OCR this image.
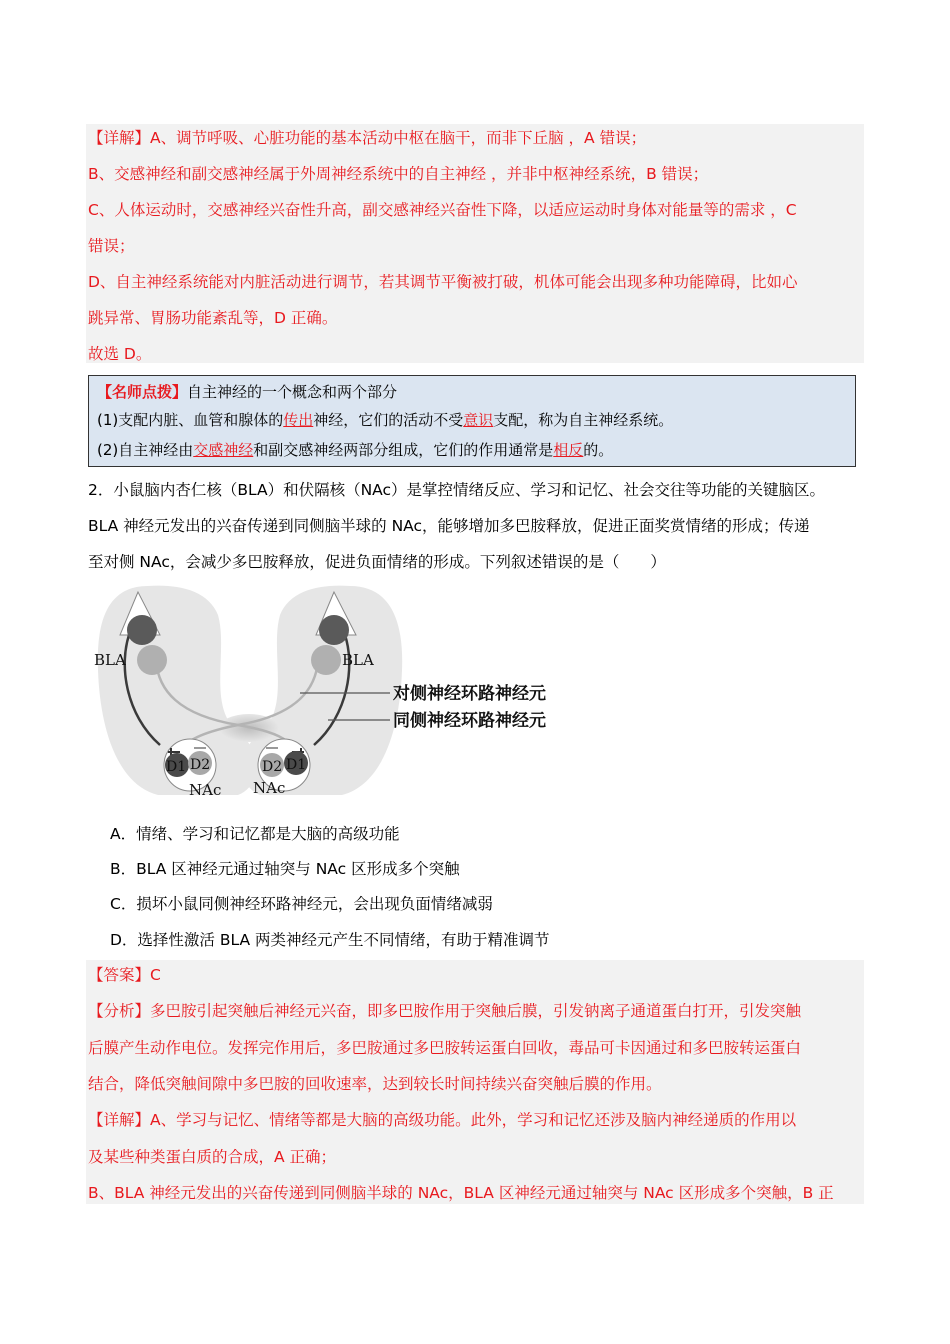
【详解】A、调节呼吸、心脏功能的基本活动中枢在脑干，而非下丘脑 ，A 错误；
B、交感神经和副交感神经属于外周神经系统中的自主神经 ，并非中枢神经系统，B 错误；
C、人体运动时，交感神经兴奋性升高，副交感神经兴奋性下降，以适应运动时身体对能量等的需求 ，C
错误；
D、自主神经系统能对内脏活动进行调节，若其调节平衡被打破，机体可能会出现多种功能障碍，比如心
跳异常、胃肠功能紊乱等，D 正确。
故选 D。
【名师点拨】自主神经的一个概念和两个部分
(1)支配内脏、血管和腺体的传出神经，它们的活动不受意识支配，称为自主神经系统。
(2)自主神经由交感神经和副交感神经两部分组成，它们的作用通常是相反的。
2．小鼠脑内杏仁核（BLA）和伏隔核（NAc）是掌控情绪反应、学习和记忆、社会交往等功能的关键脑区。
BLA 神经元发出的兴奋传递到同侧脑半球的 NAc，能够增加多巴胺释放，促进正面奖赏情绪的形成；传递
至对侧 NAc，会减少多巴胺释放，促进负面情绪的形成。下列叙述错误的是（　　）
D1 D2	D2 D1
BLA	BLA
NAc NAc
对侧神经环路神经元
同侧神经环路神经元
A．情绪、学习和记忆都是大脑的高级功能
B．BLA 区神经元通过轴突与 NAc 区形成多个突触
C．损坏小鼠同侧神经环路神经元，会出现负面情绪减弱
D．选择性激活 BLA 两类神经元产生不同情绪，有助于精准调节
【答案】C
【分析】多巴胺引起突触后神经元兴奋，即多巴胺作用于突触后膜，引发钠离子通道蛋白打开，引发突触
后膜产生动作电位。发挥完作用后，多巴胺通过多巴胺转运蛋白回收，毒品可卡因通过和多巴胺转运蛋白
结合，降低突触间隙中多巴胺的回收速率，达到较长时间持续兴奋突触后膜的作用。
【详解】A、学习与记忆、情绪等都是大脑的高级功能。此外，学习和记忆还涉及脑内神经递质的作用以
及某些种类蛋白质的合成，A 正确；
B、BLA 神经元发出的兴奋传递到同侧脑半球的 NAc，BLA 区神经元通过轴突与 NAc 区形成多个突触，B 正
